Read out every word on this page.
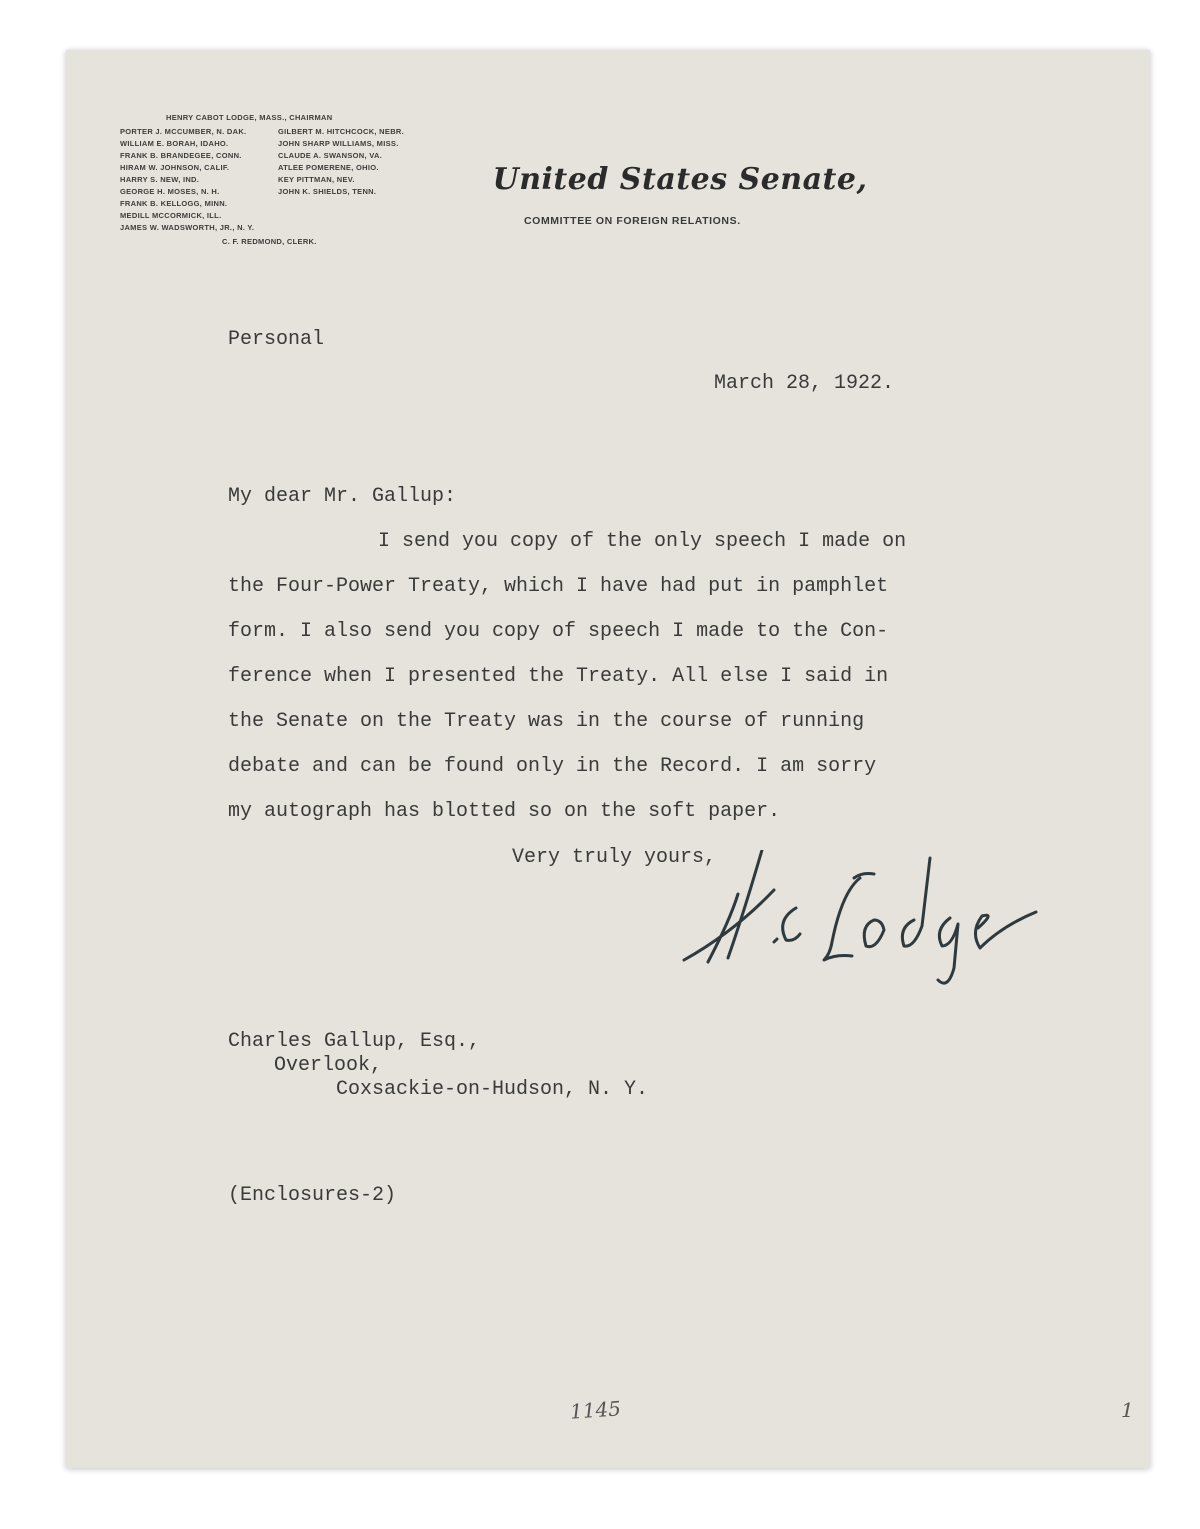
HENRY CABOT LODGE, MASS., CHAIRMAN

PORTER J. MCCUMBER, N. DAK.
WILLIAM E. BORAH, IDAHO.
FRANK B. BRANDEGEE, CONN.
HIRAM W. JOHNSON, CALIF.
HARRY S. NEW, IND.
GEORGE H. MOSES, N. H.
FRANK B. KELLOGG, MINN.
MEDILL MCCORMICK, ILL.
JAMES W. WADSWORTH, JR., N. Y.
GILBERT M. HITCHCOCK, NEBR.
JOHN SHARP WILLIAMS, MISS.
CLAUDE A. SWANSON, VA.
ATLEE POMERENE, OHIO.
KEY PITTMAN, NEV.
JOHN K. SHIELDS, TENN.

C. F. REDMOND, CLERK.

United States Senate,
COMMITTEE ON FOREIGN RELATIONS.

Personal

March 28, 1922.

My dear Mr. Gallup:

I send you copy of the only speech I made on

the Four-Power Treaty, which I have had put in pamphlet

form. I also send you copy of speech I made to the Con-

ference when I presented the Treaty. All else I said in

the Senate on the Treaty was in the course of running

debate and can be found only in the Record. I am sorry

my autograph has blotted so on the soft paper.

Very truly yours,

Charles Gallup, Esq.,

Overlook,

Coxsackie-on-Hudson, N. Y.

(Enclosures-2)

1145	1
